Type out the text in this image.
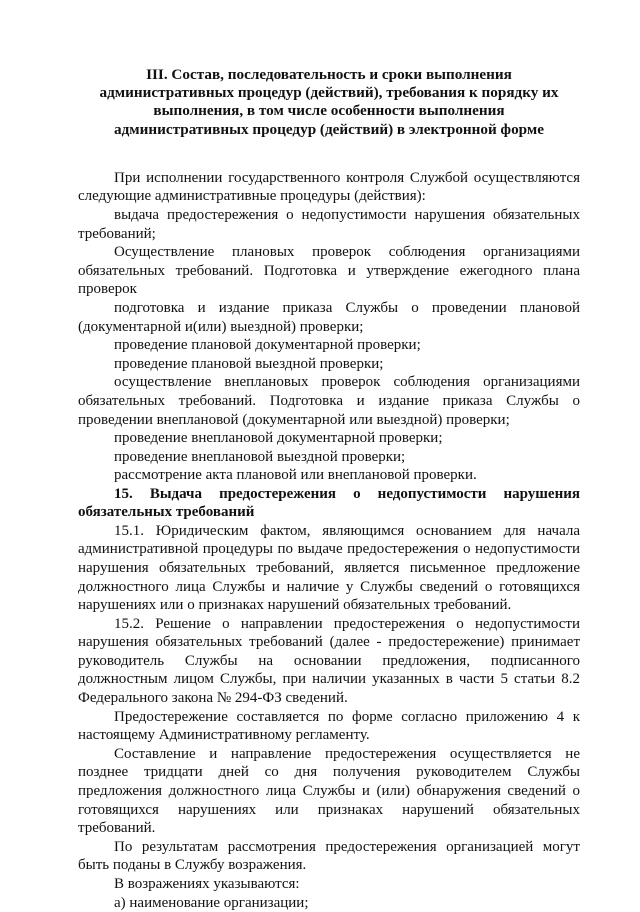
III. Состав, последовательность и сроки выполнения
административных процедур (действий), требования к порядку их
выполнения, в том числе особенности выполнения
административных процедур (действий) в электронной форме

При исполнении государственного контроля Службой осуществляются следующие административные процедуры (действия):

выдача предостережения о недопустимости нарушения обязательных требований;

Осуществление плановых проверок соблюдения организациями обязательных требований. Подготовка и утверждение ежегодного плана проверок

подготовка и издание приказа Службы о проведении плановой (документарной и(или) выездной) проверки;

проведение плановой документарной проверки;

проведение плановой выездной проверки;

осуществление внеплановых проверок соблюдения организациями обязательных требований. Подготовка и издание приказа Службы о проведении внеплановой (документарной или выездной) проверки;

проведение внеплановой документарной проверки;

проведение внеплановой выездной проверки;

рассмотрение акта плановой или внеплановой проверки.

15. Выдача предостережения о недопустимости нарушения обязательных требований

15.1. Юридическим фактом, являющимся основанием для начала административной процедуры по выдаче предостережения о недопустимости нарушения обязательных требований, является письменное предложение должностного лица Службы и наличие у Службы сведений о готовящихся нарушениях или о признаках нарушений обязательных требований.

15.2. Решение о направлении предостережения о недопустимости нарушения обязательных требований (далее - предостережение) принимает руководитель Службы на основании предложения, подписанного должностным лицом Службы, при наличии указанных в части 5 статьи 8.2 Федерального закона № 294-ФЗ сведений.

Предостережение составляется по форме согласно приложению 4 к настоящему Административному регламенту.

Составление и направление предостережения осуществляется не позднее тридцати дней со дня получения руководителем Службы предложения должностного лица Службы и (или) обнаружения сведений о готовящихся нарушениях или признаках нарушений обязательных требований.

По результатам рассмотрения предостережения организацией могут быть поданы в Службу возражения.

В возражениях указываются:

а) наименование организации;
